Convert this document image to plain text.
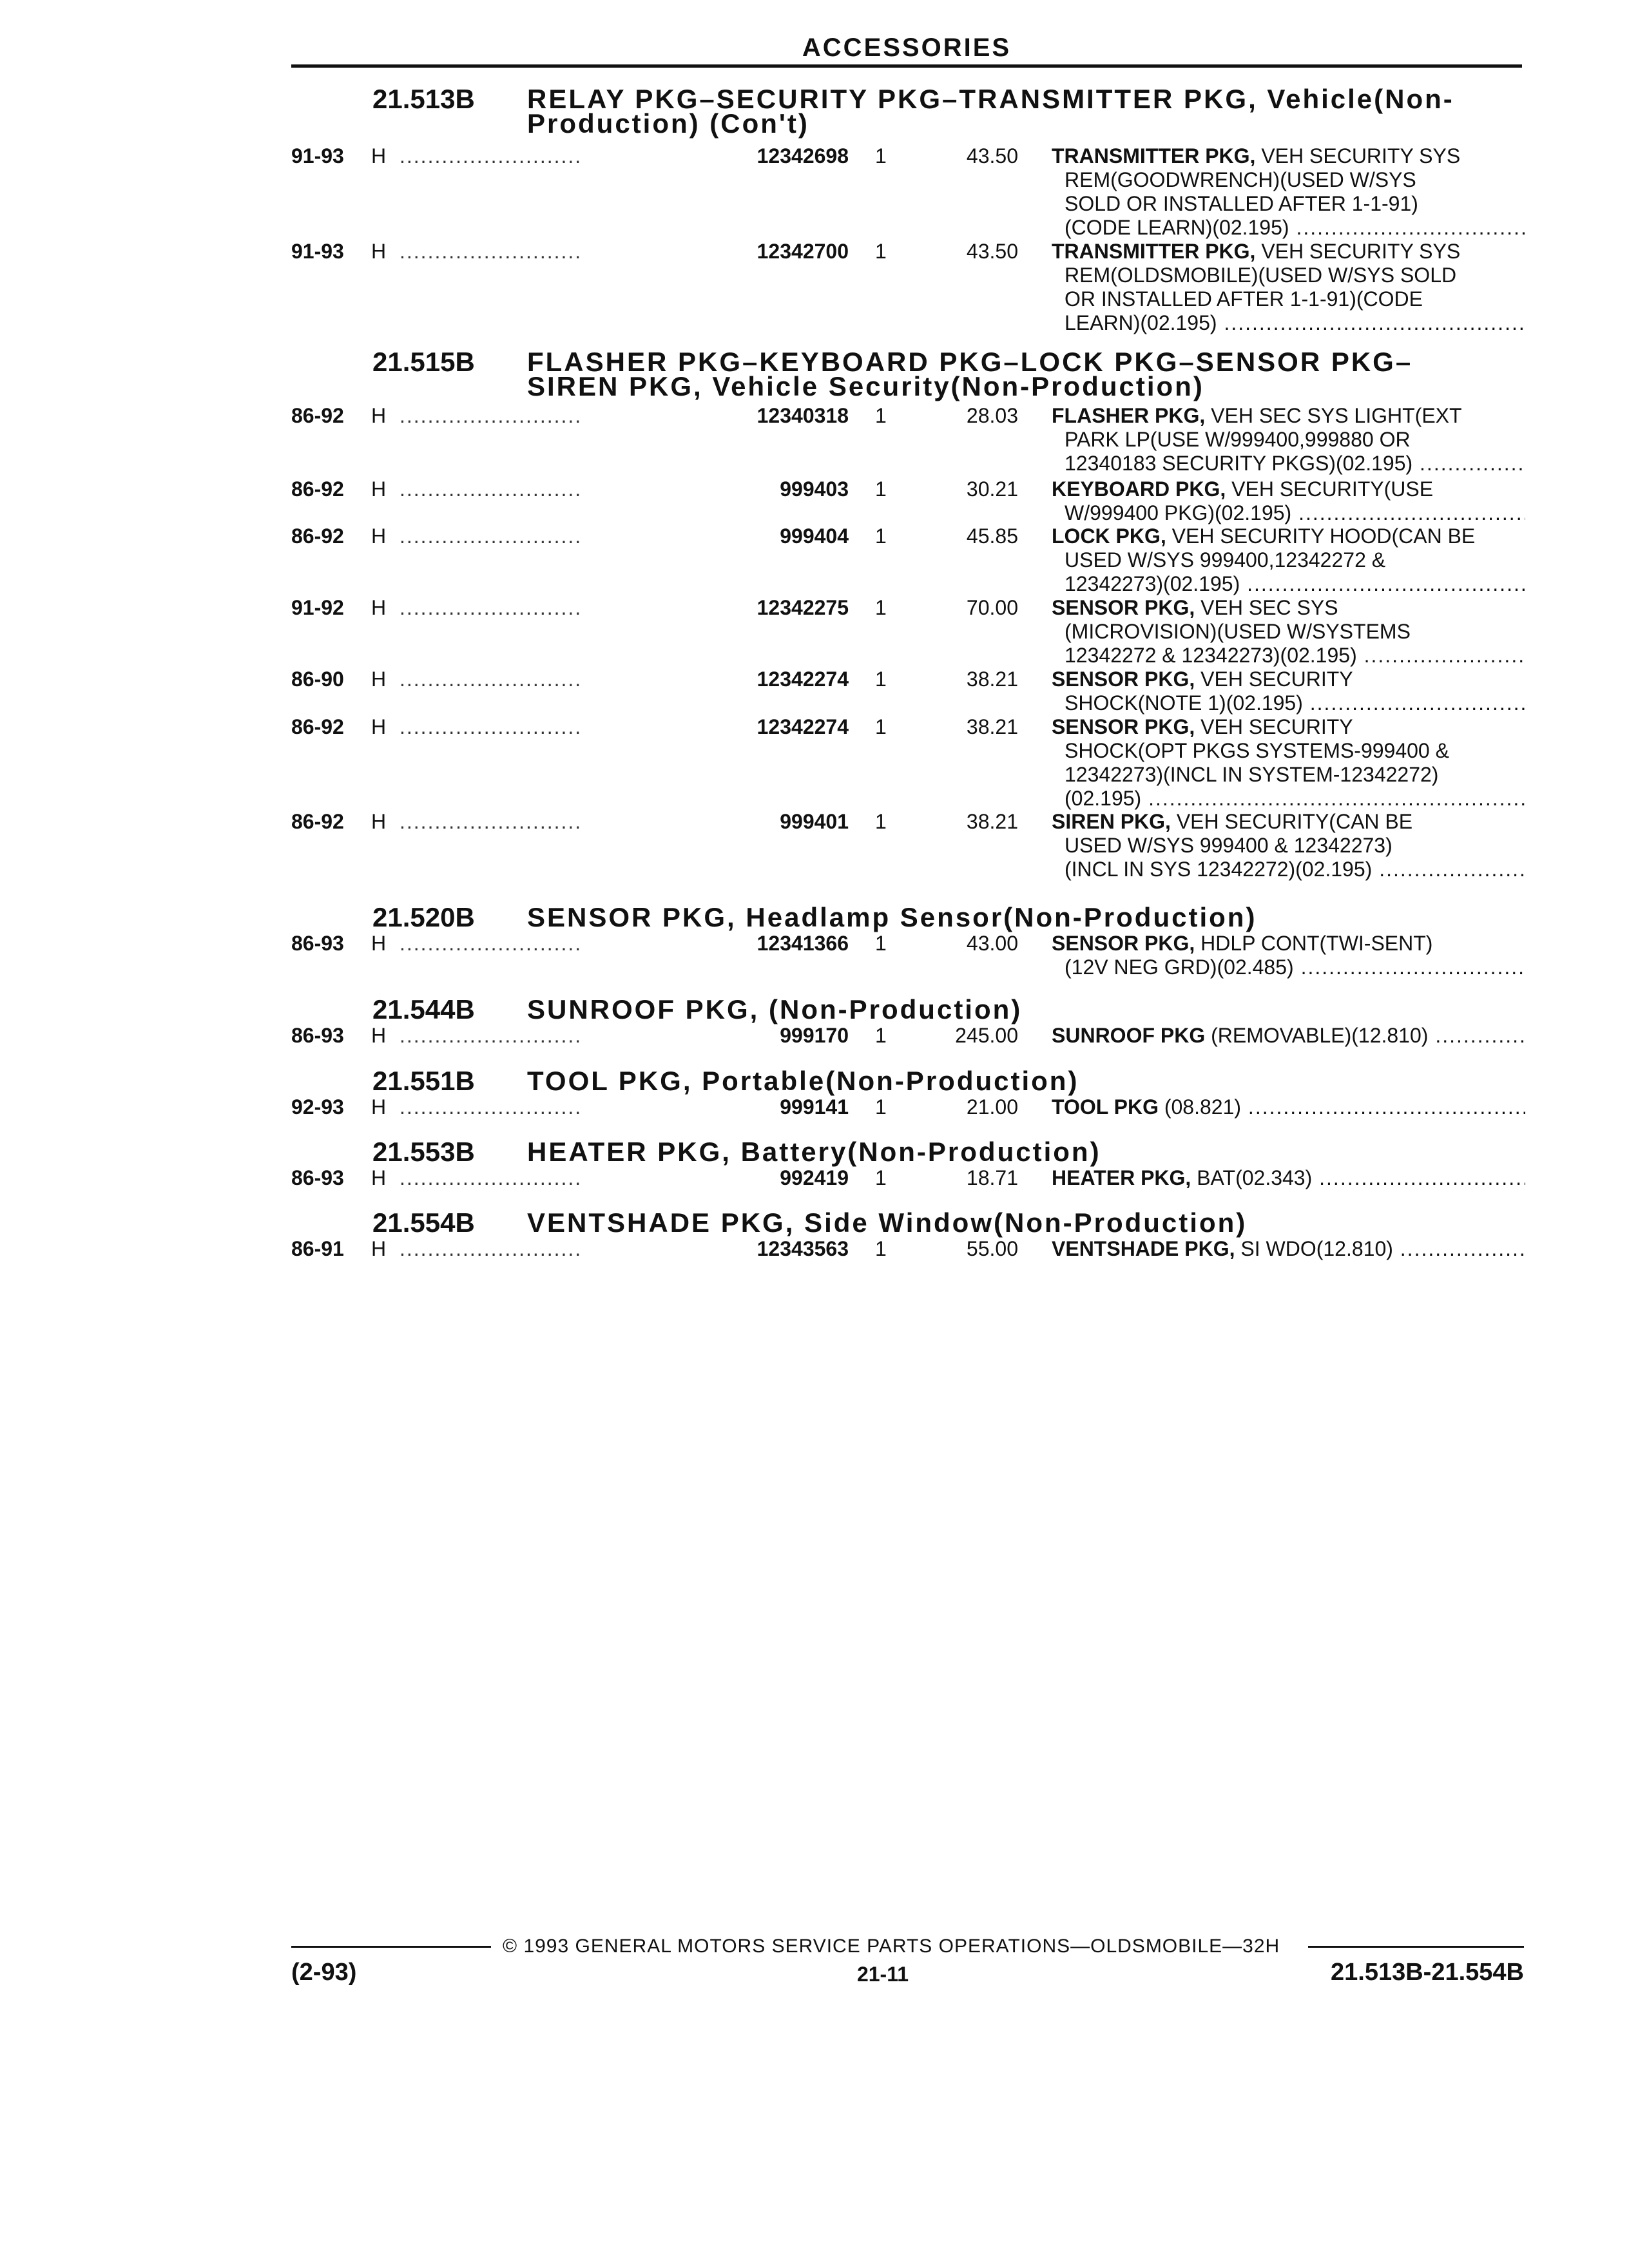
ACCESSORIES
21.513B RELAY PKG–SECURITY PKG–TRANSMITTER PKG, Vehicle(Non-
Production) (Con't)
91-93 H ..........................	12342698 1	43.50 TRANSMITTER PKG, VEH SECURITY SYS
REM(GOODWRENCH)(USED W/SYS
SOLD OR INSTALLED AFTER 1-1-91)
(CODE LEARN)(02.195) .....
91-93 H ..........................	12342700 1	43.50 TRANSMITTER PKG, VEH SECURITY SYS
REM(OLDSMOBILE)(USED W/SYS SOLD
OR INSTALLED AFTER 1-1-91)(CODE
LEARN)(02.195) .....
21.515B FLASHER PKG–KEYBOARD PKG–LOCK PKG–SENSOR PKG–
SIREN PKG, Vehicle Security(Non-Production)
86-92 H ..........................	12340318 1	28.03 FLASHER PKG, VEH SEC SYS LIGHT(EXT
PARK LP(USE W/999400,999880 OR
12340183 SECURITY PKGS)(02.195) .....
86-92 H ..........................	999403 1	30.21 KEYBOARD PKG, VEH SECURITY(USE
W/999400 PKG)(02.195) .....
86-92 H ..........................	999404 1	45.85 LOCK PKG, VEH SECURITY HOOD(CAN BE
USED W/SYS 999400,12342272 &
12342273)(02.195) .....
91-92 H ..........................	12342275 1	70.00 SENSOR PKG, VEH SEC SYS
(MICROVISION)(USED W/SYSTEMS
12342272 & 12342273)(02.195) .....
86-90 H ..........................	12342274 1	38.21 SENSOR PKG, VEH SECURITY
SHOCK(NOTE 1)(02.195) .....
86-92 H ..........................	12342274 1	38.21 SENSOR PKG, VEH SECURITY
SHOCK(OPT PKGS SYSTEMS-999400 &
12342273)(INCL IN SYSTEM-12342272)
(02.195) .....
86-92 H ..........................	999401 1	38.21 SIREN PKG, VEH SECURITY(CAN BE
USED W/SYS 999400 & 12342273)
(INCL IN SYS 12342272)(02.195) .....
21.520B SENSOR PKG, Headlamp Sensor(Non-Production)
86-93 H ..........................	12341366 1	43.00 SENSOR PKG, HDLP CONT(TWI-SENT)
(12V NEG GRD)(02.485) .....
21.544B SUNROOF PKG, (Non-Production)
86-93 H ..........................	999170 1	245.00 SUNROOF PKG (REMOVABLE)(12.810) .....
21.551B TOOL PKG, Portable(Non-Production)
92-93 H ..........................	999141 1	21.00 TOOL PKG (08.821) .....
21.553B HEATER PKG, Battery(Non-Production)
86-93 H ..........................	992419 1	18.71 HEATER PKG, BAT(02.343) .....
21.554B VENTSHADE PKG, Side Window(Non-Production)
86-91 H ..........................	12343563 1	55.00 VENTSHADE PKG, SI WDO(12.810) .....
© 1993 GENERAL MOTORS SERVICE PARTS OPERATIONS—OLDSMOBILE—32H
(2-93)	21-11	21.513B-21.554B
